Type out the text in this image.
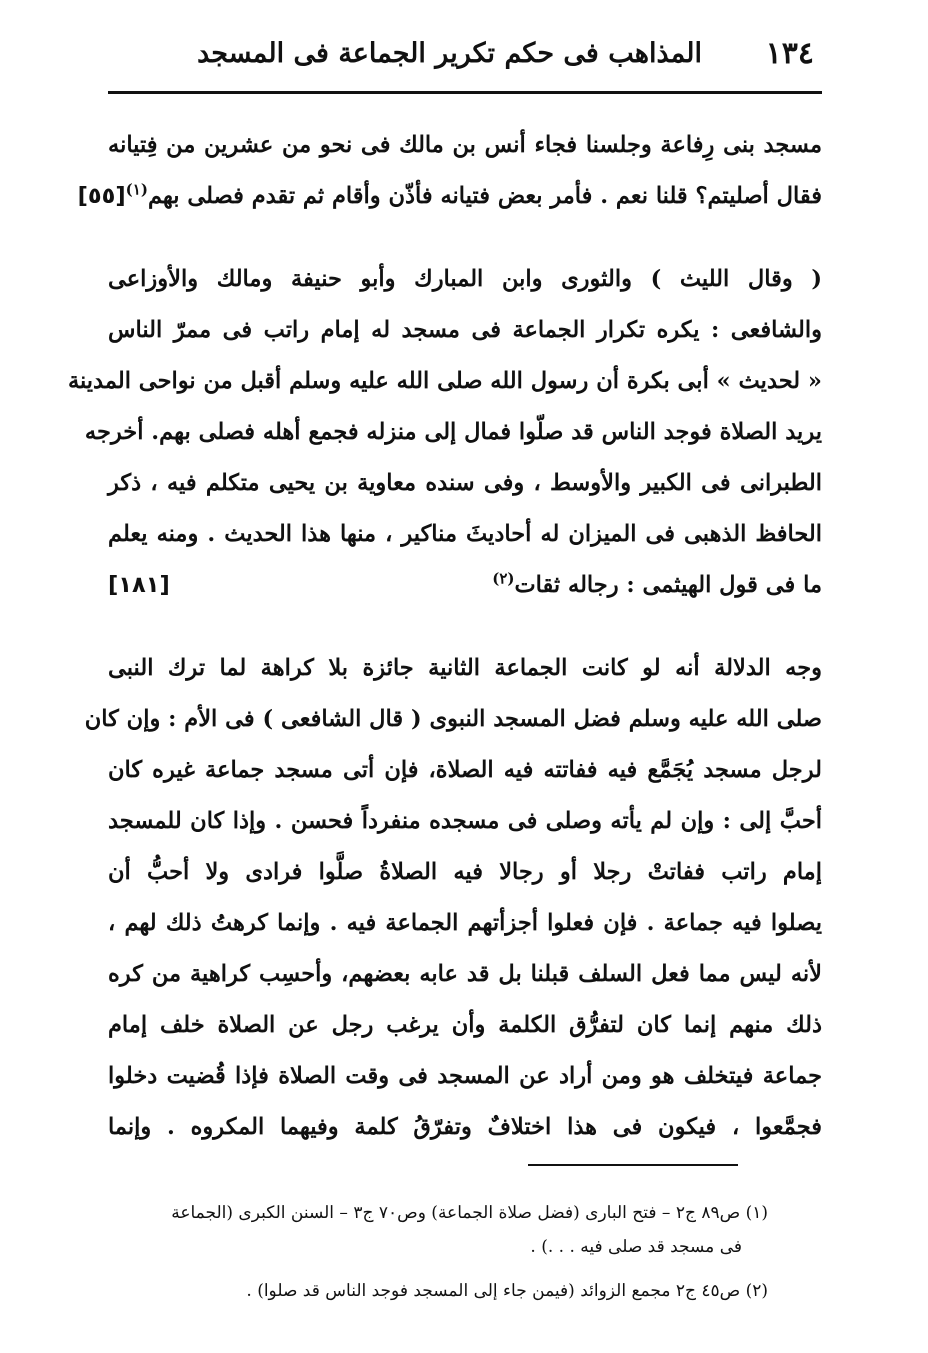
١٣٤
المذاهب فى حكم تكرير الجماعة فى المسجد
مسجد بنى رِفاعة وجلسنا فجاء أنس بن مالك فى نحو من عشرين من فِتيانه
فقال أصليتم؟ قلنا نعم . فأمر بعض فتيانه فأذّن وأقام ثم تقدم فصلى بهم$^{(١)}$
[٥٥]
( وقال الليث ) والثورى وابن المبارك وأبو حنيفة ومالك والأوزاعى
والشافعى : يكره تكرار الجماعة فى مسجد له إمام راتب فى ممرّ الناس
« لحديث » أبى بكرة أن رسول الله صلى الله عليه وسلم أقبل من نواحى المدينة
يريد الصلاة فوجد الناس قد صلّوا فمال إلى منزله فجمع أهله فصلى بهم. أخرجه
الطبرانى فى الكبير والأوسط ، وفى سنده معاوية بن يحيى متكلم فيه ، ذكر
الحافظ الذهبى فى الميزان له أحاديثَ مناكير ، منها هذا الحديث . ومنه يعلم
ما فى قول الهيثمى : رجاله ثقات$^{(٢)}$
[١٨١]
وجه الدلالة أنه لو كانت الجماعة الثانية جائزة بلا كراهة لما ترك النبى
صلى الله عليه وسلم فضل المسجد النبوى ( قال الشافعى ) فى الأم : وإن كان
لرجل مسجد يُجَمَّع فيه ففاتته فيه الصلاة، فإن أتى مسجد جماعة غيره كان
أحبَّ إلى : وإن لم يأته وصلى فى مسجده منفرداً فحسن . وإذا كان للمسجد
إمام راتب ففاتتْ رجلا أو رجالا فيه الصلاةُ صلَّوا فرادى ولا أحبُّ أن
يصلوا فيه جماعة . فإن فعلوا أجزأتهم الجماعة فيه . وإنما كرهتُ ذلك لهم ،
لأنه ليس مما فعل السلف قبلنا بل قد عابه بعضهم، وأحسِب كراهية من كره
ذلك منهم إنما كان لتفرُّق الكلمة وأن يرغب رجل عن الصلاة خلف إمام
جماعة فيتخلف هو ومن أراد عن المسجد فى وقت الصلاة فإذا قُضيت دخلوا
فجمَّعوا ، فيكون فى هذا اختلافٌ وتفرّقُ كلمة وفيهما المكروه . وإنما
(١) ص٨٩ ج٢ – فتح البارى (فضل صلاة الجماعة) وص٧٠ ج٣ – السنن الكبرى (الجماعة
فى مسجد قد صلى فيه . . .) .
(٢) ص٤٥ ج٢ مجمع الزوائد (فيمن جاء إلى المسجد فوجد الناس قد صلوا) .
